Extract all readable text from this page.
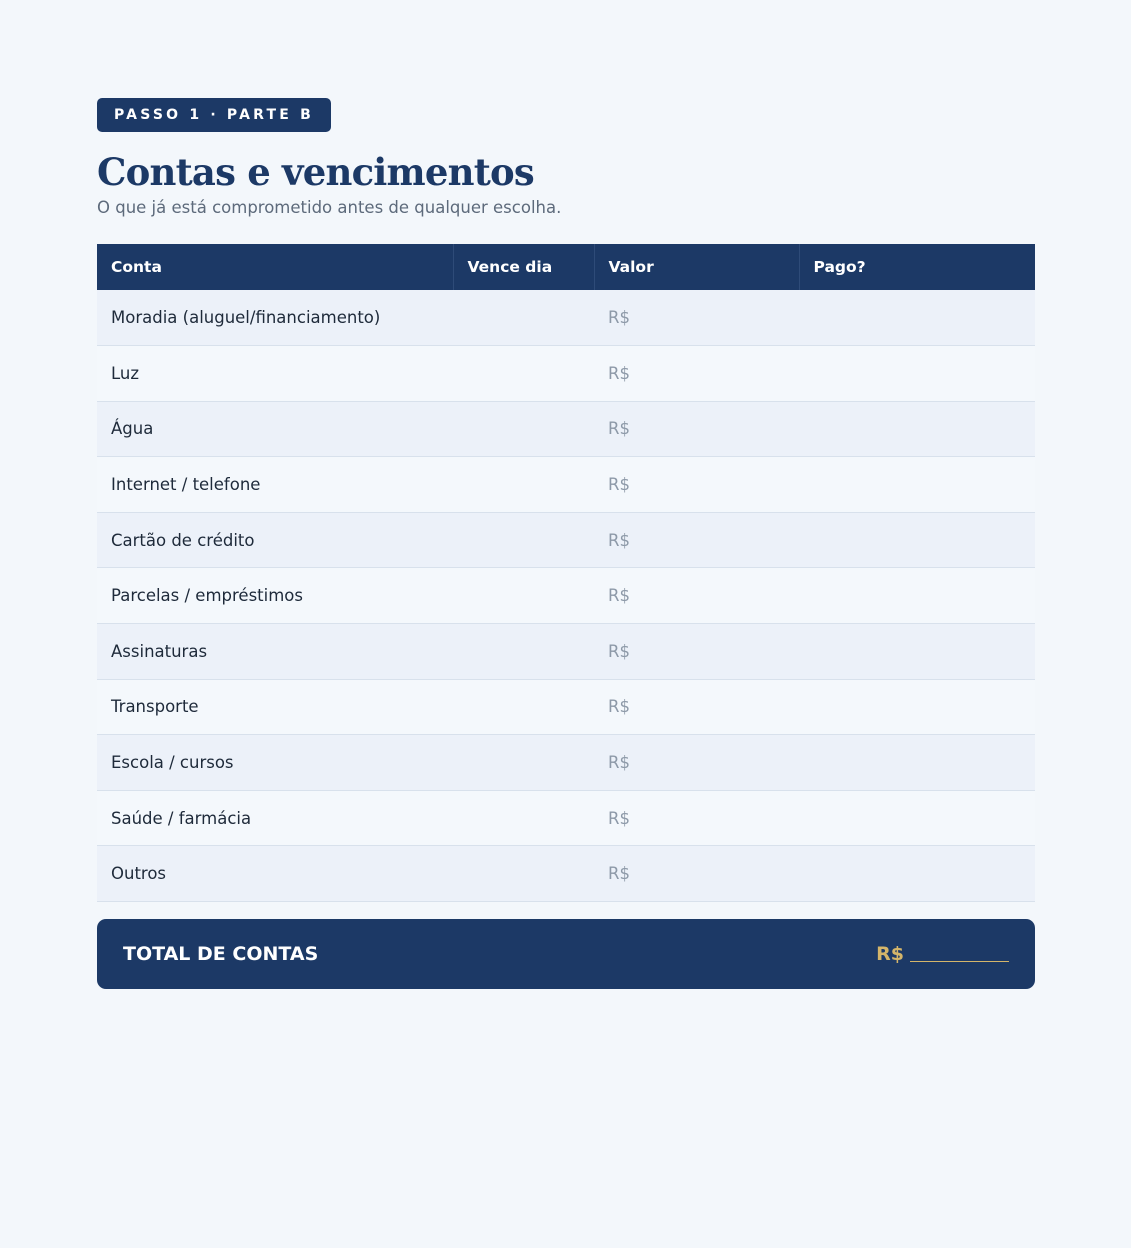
PASSO 1 · PARTE B
Contas e vencimentos

O que já está comprometido antes de qualquer escolha.

Conta	Vence dia	Valor	Pago?
Moradia (aluguel/financiamento)		R$	
Luz		R$	
Água		R$	
Internet / telefone		R$	
Cartão de crédito		R$	
Parcelas / empréstimos		R$	
Assinaturas		R$	
Transporte		R$	
Escola / cursos		R$	
Saúde / farmácia		R$	
Outros		R$	
TOTAL DE CONTAS	R$
